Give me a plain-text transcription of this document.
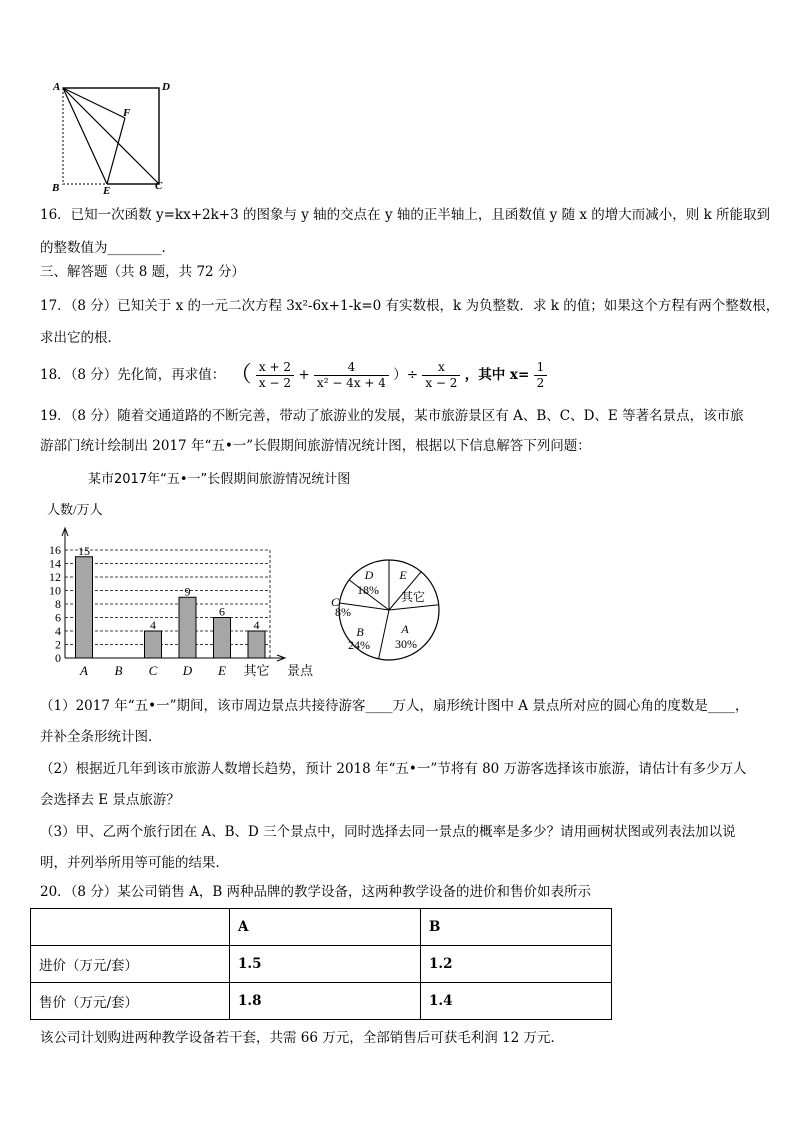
A	D
F
B	E	C
16．已知一次函数 y=kx+2k+3 的图象与 y 轴的交点在 y 轴的正半轴上，且函数值 y 随 x 的增大而减小，则 k 所能取到
的整数值为________．
三、解答题（共 8 题，共 72 分）
17．（8 分）已知关于 x 的一元二次方程 3x²-6x+1-k=0 有实数根，k 为负整数．求 k 的值；如果这个方程有两个整数根，
求出它的根．
18．（8 分）先化简，再求值： （ $\frac{x + 2}{x - 2} + \frac{4}{\text{x² − 4x + 4}}$ ）÷ $\frac{x}{x - 2}$ ，其中 $x= \frac{1}{2}$
19．（8 分）随着交通道路的不断完善，带动了旅游业的发展，某市旅游景区有 A、B、C、D、E 等著名景点，该市旅
游部门统计绘制出 2017 年“五•一”长假期间旅游情况统计图，根据以下信息解答下列问题：
某市2017年“五•一”长假期间旅游情况统计图
人数/万人
0
2
4
6
8
10
12
14
16
景点
15
A B
4
C
9
D
6
E
4
其它
A
30%
B
24%
C
8%
D
18%
E
其它
（1）2017 年“五•一”期间，该市周边景点共接待游客____万人，扇形统计图中 A 景点所对应的圆心角的度数是____，
并补全条形统计图．
（2）根据近几年到该市旅游人数增长趋势，预计 2018 年“五•一”节将有 80 万游客选择该市旅游，请估计有多少万人
会选择去 E 景点旅游？
（3）甲、乙两个旅行团在 A、B、D 三个景点中，同时选择去同一景点的概率是多少？请用画树状图或列表法加以说
明，并列举所用等可能的结果．
20．（8 分）某公司销售 A，B 两种品牌的教学设备，这两种教学设备的进价和售价如表所示
	A	B
进价（万元/套）	1.5	1.2
售价（万元/套）	1.8	1.4
该公司计划购进两种教学设备若干套，共需 66 万元，全部销售后可获毛利润 12 万元．
